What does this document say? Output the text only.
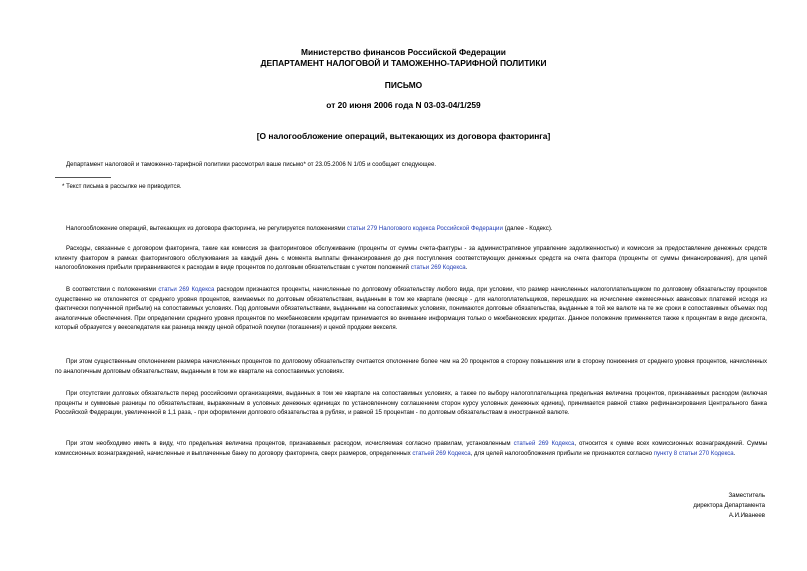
Министерство финансов Российской Федерации
ДЕПАРТАМЕНТ НАЛОГОВОЙ И ТАМОЖЕННО-ТАРИФНОЙ ПОЛИТИКИ
ПИСЬМО
от 20 июня 2006 года N 03-03-04/1/259
[О налогообложение операций, вытекающих из договора факторинга]
Департамент налоговой и таможенно-тарифной политики рассмотрел ваше письмо* от 23.05.2006 N 1/05 и сообщает следующее.
* Текст письма в рассылке не приводится.
Налогообложение операций, вытекающих из договора факторинга, не регулируется положениями статьи 279 Налогового кодекса Российской Федерации (далее - Кодекс).
Расходы, связанные с договором факторинга, такие как комиссия за факторинговое обслуживание (проценты от суммы счета-фактуры - за административное управление задолженностью) и комиссия за предоставление денежных средств клиенту фактором в рамках факторингового обслуживания за каждый день с момента выплаты финансирования до дня поступления соответствующих денежных средств на счета фактора (проценты от суммы финансирования), для целей налогообложения прибыли приравниваются к расходам в виде процентов по долговым обязательствам с учетом положений статьи 269 Кодекса.
В соответствии с положениями статьи 269 Кодекса расходом признаются проценты, начисленные по долговому обязательству любого вида, при условии, что размер начисленных налогоплательщиком по долговому обязательству процентов существенно не отклоняется от среднего уровня процентов, взимаемых по долговым обязательствам, выданным в том же квартале (месяце - для налогоплательщиков, перешедших на исчисление ежемесячных авансовых платежей исходя из фактически полученной прибыли) на сопоставимых условиях. Под долговыми обязательствами, выданными на сопоставимых условиях, понимаются долговые обязательства, выданные в той же валюте на те же сроки в сопоставимых объемах под аналогичные обеспечения. При определении среднего уровня процентов по межбанковским кредитам принимается во внимание информация только о межбанковских кредитах. Данное положение применяется также к процентам в виде дисконта, который образуется у векселедателя как разница между ценой обратной покупки (погашения) и ценой продажи векселя.
При этом существенным отклонением размера начисленных процентов по долговому обязательству считается отклонение более чем на 20 процентов в сторону повышения или в сторону понижения от среднего уровня процентов, начисленных по аналогичным долговым обязательствам, выданным в том же квартале на сопоставимых условиях.
При отсутствии долговых обязательств перед российскими организациями, выданных в том же квартале на сопоставимых условиях, а также по выбору налогоплательщика предельная величина процентов, признаваемых расходом (включая проценты и суммовые разницы по обязательствам, выраженным в условных денежных единицах по установленному соглашением сторон курсу условных денежных единиц), принимается равной ставке рефинансирования Центрального банка Российской Федерации, увеличенной в 1,1 раза, - при оформлении долгового обязательства в рублях, и равной 15 процентам - по долговым обязательствам в иностранной валюте.
При этом необходимо иметь в виду, что предельная величина процентов, признаваемых расходом, исчисляемая согласно правилам, установленным статьей 269 Кодекса, относится к сумме всех комиссионных вознаграждений. Суммы комиссионных вознаграждений, начисленные и выплаченные банку по договору факторинга, сверх размеров, определенных статьей 269 Кодекса, для целей налогообложения прибыли не признаются согласно пункту 8 статьи 270 Кодекса.
Заместитель
директора Департамента
А.И.Иванеев
